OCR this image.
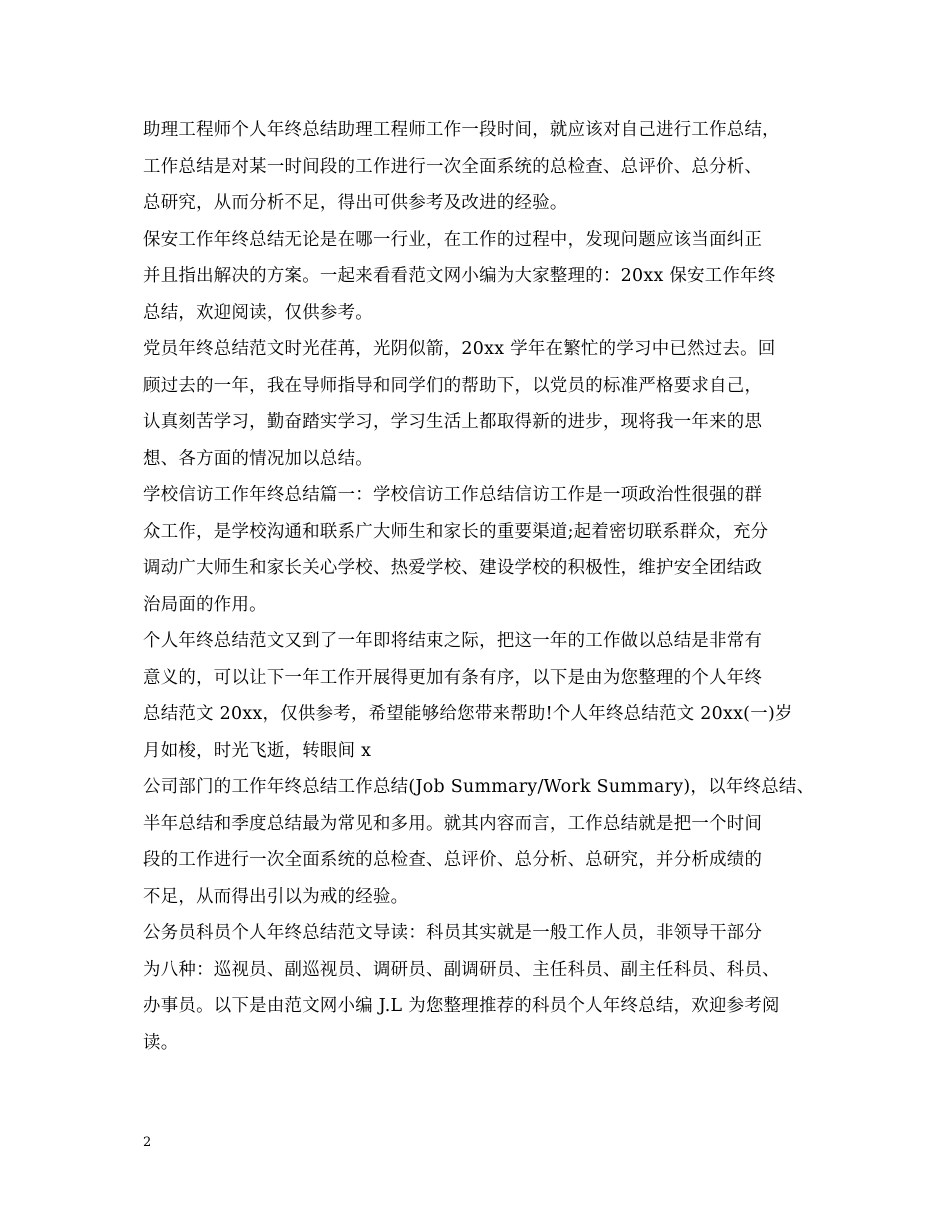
助理工程师个人年终总结助理工程师工作一段时间，就应该对自己进行工作总结，
工作总结是对某一时间段的工作进行一次全面系统的总检查、总评价、总分析、
总研究，从而分析不足，得出可供参考及改进的经验。

保安工作年终总结无论是在哪一行业，在工作的过程中，发现问题应该当面纠正
并且指出解决的方案。一起来看看范文网小编为大家整理的：20xx 保安工作年终
总结，欢迎阅读，仅供参考。

党员年终总结范文时光荏苒，光阴似箭，20xx 学年在繁忙的学习中已然过去。回
顾过去的一年，我在导师指导和同学们的帮助下，以党员的标准严格要求自己，
认真刻苦学习，勤奋踏实学习，学习生活上都取得新的进步，现将我一年来的思
想、各方面的情况加以总结。

学校信访工作年终总结篇一：学校信访工作总结信访工作是一项政治性很强的群
众工作，是学校沟通和联系广大师生和家长的重要渠道;起着密切联系群众，充分
调动广大师生和家长关心学校、热爱学校、建设学校的积极性，维护安全团结政
治局面的作用。

个人年终总结范文又到了一年即将结束之际，把这一年的工作做以总结是非常有
意义的，可以让下一年工作开展得更加有条有序，以下是由为您整理的个人年终
总结范文 20xx，仅供参考，希望能够给您带来帮助!个人年终总结范文 20xx(一)岁
月如梭，时光飞逝，转眼间 x

公司部门的工作年终总结工作总结(Job Summary/Work Summary)，以年终总结、
半年总结和季度总结最为常见和多用。就其内容而言，工作总结就是把一个时间
段的工作进行一次全面系统的总检查、总评价、总分析、总研究，并分析成绩的
不足，从而得出引以为戒的经验。

公务员科员个人年终总结范文导读：科员其实就是一般工作人员，非领导干部分
为八种：巡视员、副巡视员、调研员、副调研员、主任科员、副主任科员、科员、
办事员。以下是由范文网小编 J.L 为您整理推荐的科员个人年终总结，欢迎参考阅
读。

2
